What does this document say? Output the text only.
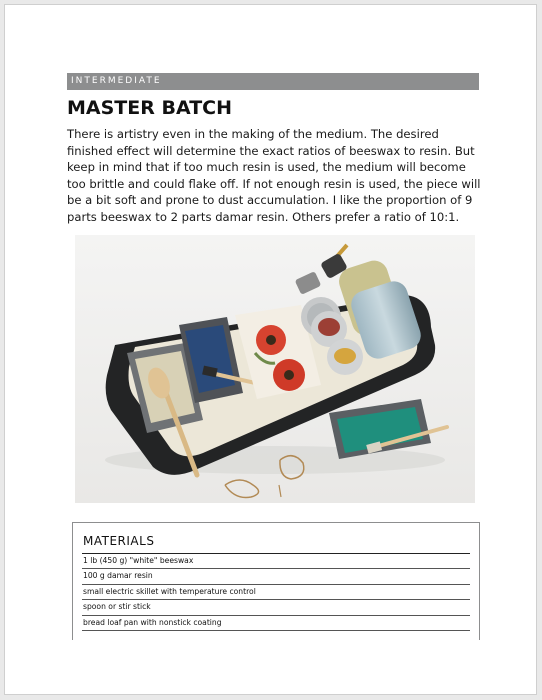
INTERMEDIATE
MASTER BATCH

There is artistry even in the making of the medium. The desired finished effect will determine the exact ratios of beeswax to resin. But keep in mind that if too much resin is used, the medium will become too brittle and could flake off. If not enough resin is used, the piece will be a bit soft and prone to dust accumulation. I like the proportion of 9 parts beeswax to 2 parts damar resin. Others prefer a ratio of 10:1.

MATERIALS
1 lb (450 g) "white" beeswax
100 g damar resin
small electric skillet with temperature control
spoon or stir stick
bread loaf pan with nonstick coating
